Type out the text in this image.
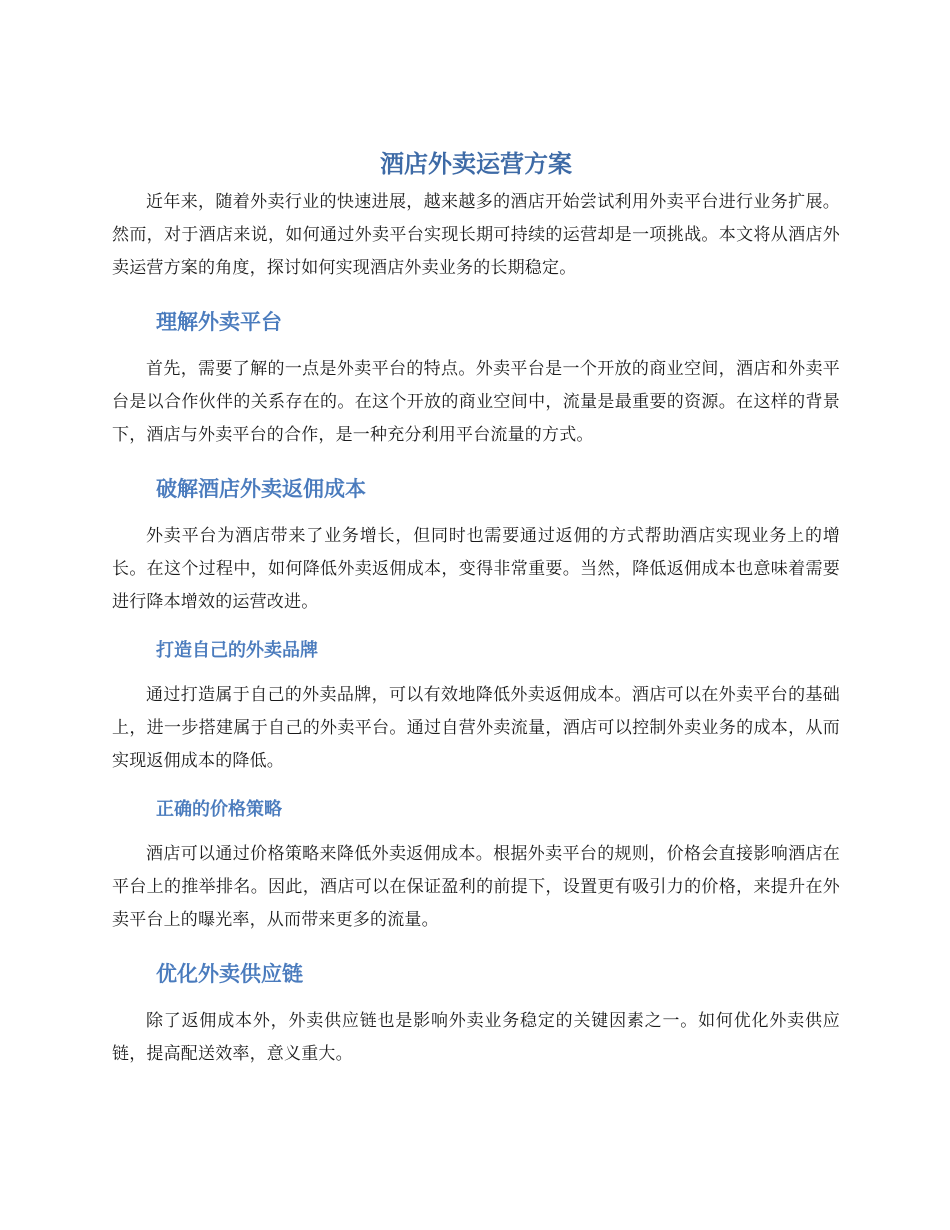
酒店外卖运营方案

近年来，随着外卖行业的快速进展，越来越多的酒店开始尝试利用外卖平台进行业务扩展。然而，对于酒店来说，如何通过外卖平台实现长期可持续的运营却是一项挑战。本文将从酒店外卖运营方案的角度，探讨如何实现酒店外卖业务的长期稳定。

理解外卖平台

首先，需要了解的一点是外卖平台的特点。外卖平台是一个开放的商业空间，酒店和外卖平台是以合作伙伴的关系存在的。在这个开放的商业空间中，流量是最重要的资源。在这样的背景下，酒店与外卖平台的合作，是一种充分利用平台流量的方式。

破解酒店外卖返佣成本

外卖平台为酒店带来了业务增长，但同时也需要通过返佣的方式帮助酒店实现业务上的增长。在这个过程中，如何降低外卖返佣成本，变得非常重要。当然，降低返佣成本也意味着需要进行降本增效的运营改进。

打造自己的外卖品牌

通过打造属于自己的外卖品牌，可以有效地降低外卖返佣成本。酒店可以在外卖平台的基础上，进一步搭建属于自己的外卖平台。通过自营外卖流量，酒店可以控制外卖业务的成本，从而实现返佣成本的降低。

正确的价格策略

酒店可以通过价格策略来降低外卖返佣成本。根据外卖平台的规则，价格会直接影响酒店在平台上的推举排名。因此，酒店可以在保证盈利的前提下，设置更有吸引力的价格，来提升在外卖平台上的曝光率，从而带来更多的流量。

优化外卖供应链

除了返佣成本外，外卖供应链也是影响外卖业务稳定的关键因素之一。如何优化外卖供应链，提高配送效率，意义重大。
